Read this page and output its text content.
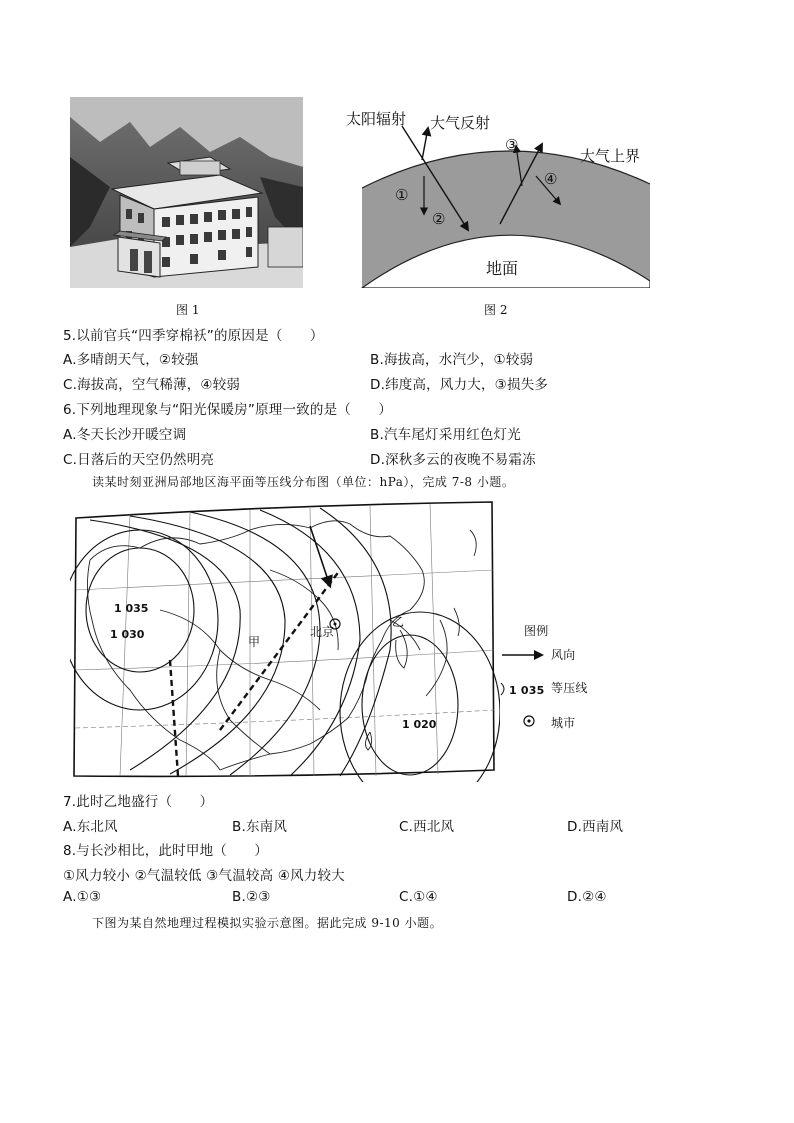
图 1
太阳辐射 大气反射
大气上界
地面
①
②
③
④
图 2
5.以前官兵“四季穿棉袄”的原因是（　　）
A.多晴朗天气，②较强	B.海拔高，水汽少，①较弱
C.海拔高，空气稀薄，④较弱	D.纬度高，风力大，③损失多
6.下列地理现象与“阳光保暖房”原理一致的是（　　）
A.冬天长沙开暖空调	B.汽车尾灯采用红色灯光
C.日落后的天空仍然明亮	D.深秋多云的夜晚不易霜冻
读某时刻亚洲局部地区海平面等压线分布图（单位：hPa），完成 7-8 小题。
1 035
1 030
1 020
甲
乙
北京	图例
风向
1 035 等压线
城市
7.此时乙地盛行（　　）
A.东北风	B.东南风	C.西北风	D.西南风
8.与长沙相比，此时甲地（　　）
①风力较小 ②气温较低 ③气温较高 ④风力较大
A.①③	B.②③	C.①④	D.②④
下图为某自然地理过程模拟实验示意图。据此完成 9-10 小题。
